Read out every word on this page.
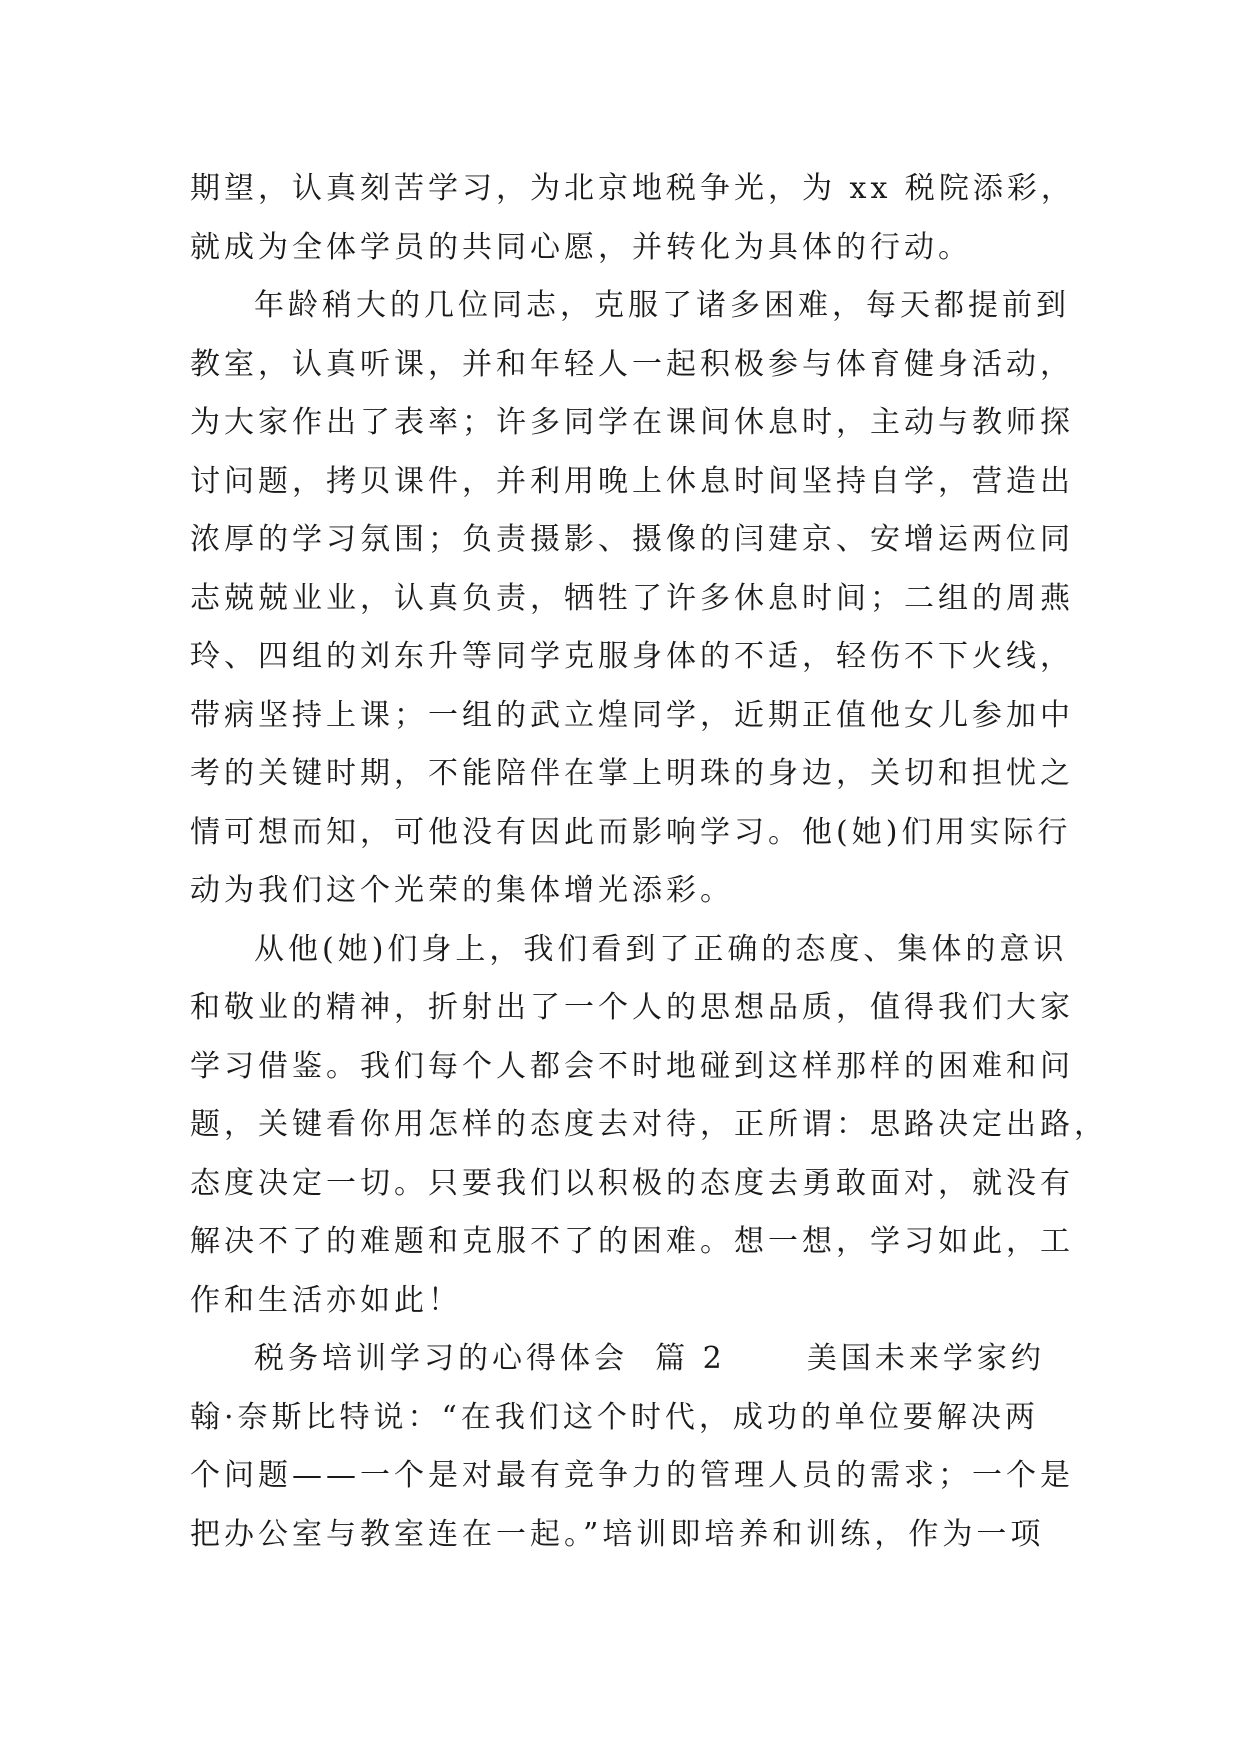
期望，认真刻苦学习，为北京地税争光，为 xx 税院添彩，
就成为全体学员的共同心愿，并转化为具体的行动。
年龄稍大的几位同志，克服了诸多困难，每天都提前到
教室，认真听课，并和年轻人一起积极参与体育健身活动，
为大家作出了表率；许多同学在课间休息时，主动与教师探
讨问题，拷贝课件，并利用晚上休息时间坚持自学，营造出
浓厚的学习氛围；负责摄影、摄像的闫建京、安增运两位同
志兢兢业业，认真负责，牺牲了许多休息时间；二组的周燕
玲、四组的刘东升等同学克服身体的不适，轻伤不下火线，
带病坚持上课；一组的武立煌同学，近期正值他女儿参加中
考的关键时期，不能陪伴在掌上明珠的身边，关切和担忧之
情可想而知，可他没有因此而影响学习。他(她)们用实际行
动为我们这个光荣的集体增光添彩。
从他(她)们身上，我们看到了正确的态度、集体的意识
和敬业的精神，折射出了一个人的思想品质，值得我们大家
学习借鉴。我们每个人都会不时地碰到这样那样的困难和问
题，关键看你用怎样的态度去对待，正所谓：思路决定出路，
态度决定一切。只要我们以积极的态度去勇敢面对，就没有
解决不了的难题和克服不了的困难。想一想，学习如此，工
作和生活亦如此！
税务培训学习的心得体会  篇 2      美国未来学家约
翰·奈斯比特说：“在我们这个时代，成功的单位要解决两
个问题——一个是对最有竞争力的管理人员的需求；一个是
把办公室与教室连在一起。”培训即培养和训练，作为一项
